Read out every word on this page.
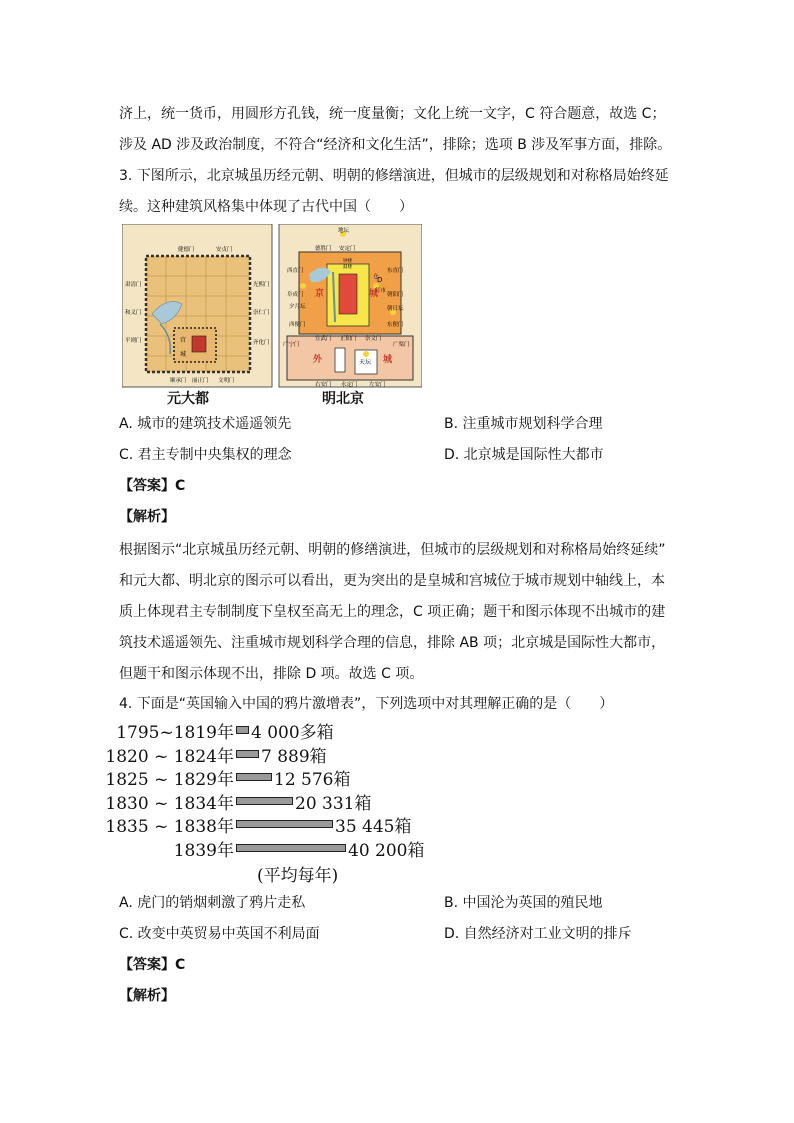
济上，统一货币，用圆形方孔钱，统一度量衡；文化上统一文字，C 符合题意，故选 C；
涉及 AD 涉及政治制度，不符合“经济和文化生活”，排除；选项 B 涉及军事方面，排除。
3. 下图所示，北京城虽历经元朝、明朝的修缮演进，但城市的层级规划和对称格局始终延
续。这种建筑风格集中体现了古代中国（　　）
宫
城
健德门	安贞门
肃清门	光熙门
和义门	崇仁门
平则门	齐化门
顺承门 丽正门 文明门
地坛
德胜门 安定门
西直门	东直门
阜成门	朝阳门
夕月坛	朝日坛
钟楼
鼓楼
仓
灯市
D
京	城
西便门	东便门
广宁门
宣武门 正阳门 崇文门
广渠门
外	城
天坛
右安门 永定门 左安门
元大都	明北京
A. 城市的建筑技术遥遥领先	B. 注重城市规划科学合理
C. 君主专制中央集权的理念	D. 北京城是国际性大都市
【答案】C
【解析】
根据图示“北京城虽历经元朝、明朝的修缮演进，但城市的层级规划和对称格局始终延续”
和元大都、明北京的图示可以看出，更为突出的是皇城和宫城位于城市规划中轴线上，本
质上体现君主专制制度下皇权至高无上的理念，C 项正确；题干和图示体现不出城市的建
筑技术遥遥领先、注重城市规划科学合理的信息，排除 AB 项；北京城是国际性大都市，
但题干和图示体现不出，排除 D 项。故选 C 项。
4. 下面是“英国输入中国的鸦片激增表”，下列选项中对其理解正确的是（　　）
1795~1819年 4 000多箱
1820 ~ 1824年 7 889箱
1825 ~ 1829年 12 576箱
1830 ~ 1834年	20 331箱
1835 ~ 1838年	35 445箱
1839年	40 200箱
(平均每年)
A. 虎门的销烟刺激了鸦片走私	B. 中国沦为英国的殖民地
C. 改变中英贸易中英国不利局面	D. 自然经济对工业文明的排斥
【答案】C
【解析】
